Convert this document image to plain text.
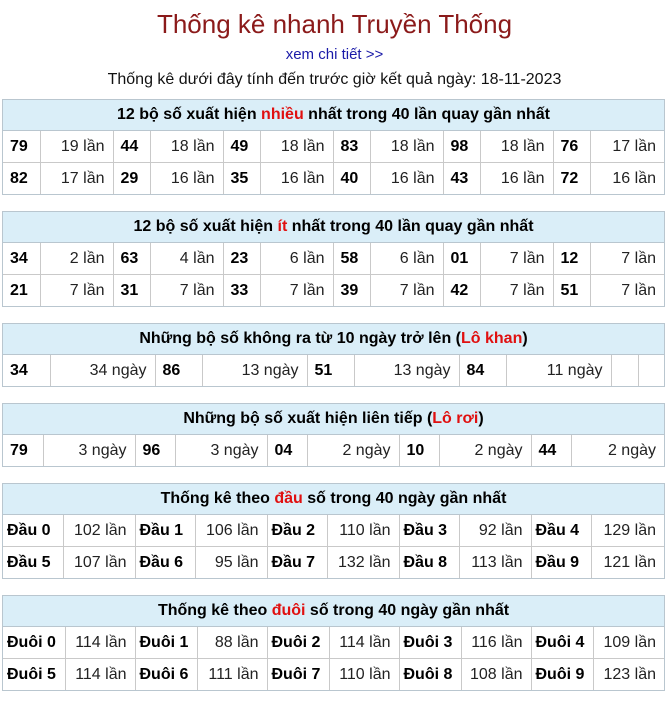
Thống kê nhanh Truyền Thống
xem chi tiết >>
Thống kê dưới đây tính đến trước giờ kết quả ngày: 18-11-2023
12 bộ số xuất hiện nhiều nhất trong 40 lần quay gần nhất
79	19 lần	44	18 lần	49	18 lần	83	18 lần	98	18 lần	76	17 lần
82	17 lần	29	16 lần	35	16 lần	40	16 lần	43	16 lần	72	16 lần
12 bộ số xuất hiện ít nhất trong 40 lần quay gần nhất
34	2 lần	63	4 lần	23	6 lần	58	6 lần	01	7 lần	12	7 lần
21	7 lần	31	7 lần	33	7 lần	39	7 lần	42	7 lần	51	7 lần
Những bộ số không ra từ 10 ngày trở lên (Lô khan)
34	34 ngày	86	13 ngày	51	13 ngày	84	11 ngày		
Những bộ số xuất hiện liên tiếp (Lô rơi)
79	3 ngày	96	3 ngày	04	2 ngày	10	2 ngày	44	2 ngày
Thống kê theo đầu số trong 40 ngày gần nhất
Đầu 0	102 lần	Đầu 1	106 lần	Đầu 2	110 lần	Đầu 3	92 lần	Đầu 4	129 lần
Đầu 5	107 lần	Đầu 6	95 lần	Đầu 7	132 lần	Đầu 8	113 lần	Đầu 9	121 lần
Thống kê theo đuôi số trong 40 ngày gần nhất
Đuôi 0	114 lần	Đuôi 1	88 lần	Đuôi 2	114 lần	Đuôi 3	116 lần	Đuôi 4	109 lần
Đuôi 5	114 lần	Đuôi 6	111 lần	Đuôi 7	110 lần	Đuôi 8	108 lần	Đuôi 9	123 lần
